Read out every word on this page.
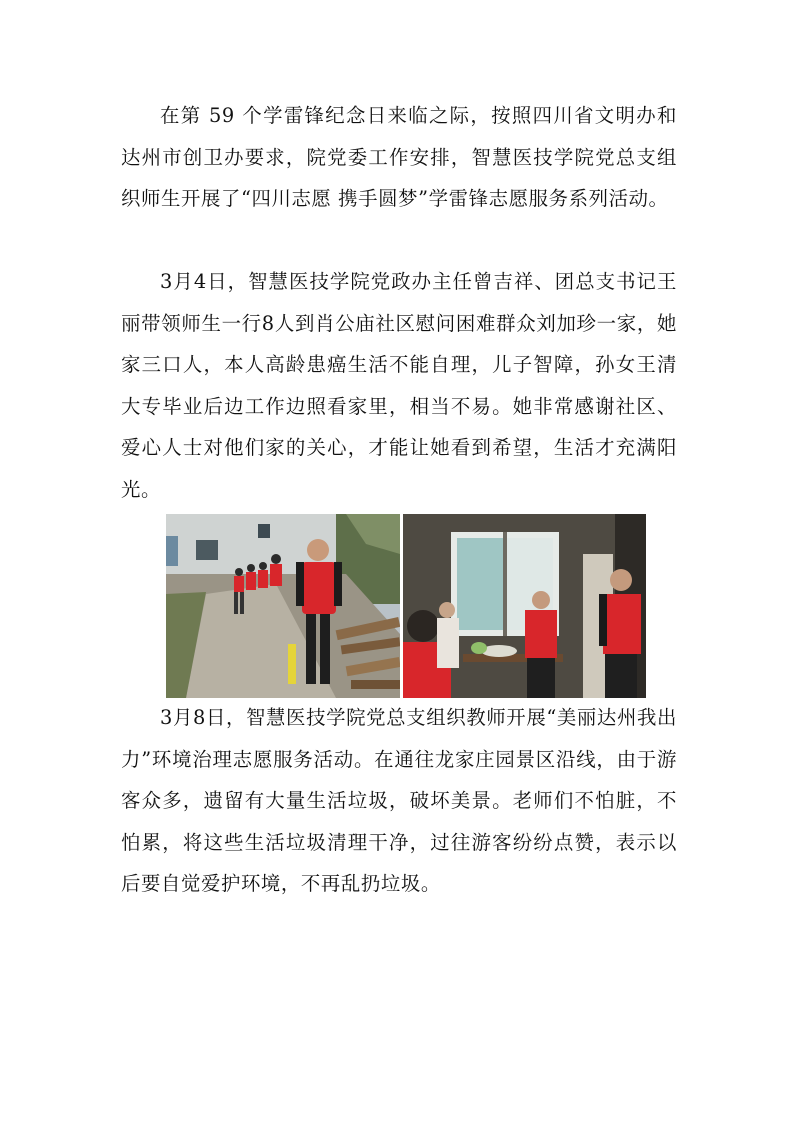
在第 59 个学雷锋纪念日来临之际，按照四川省文明办和达州市创卫办要求，院党委工作安排，智慧医技学院党总支组织师生开展了“四川志愿 携手圆梦”学雷锋志愿服务系列活动。

3月4日，智慧医技学院党政办主任曾吉祥、团总支书记王丽带领师生一行8人到肖公庙社区慰问困难群众刘加珍一家，她家三口人，本人高龄患癌生活不能自理，儿子智障，孙女王清大专毕业后边工作边照看家里，相当不易。她非常感谢社区、爱心人士对他们家的关心，才能让她看到希望，生活才充满阳光。

3月8日，智慧医技学院党总支组织教师开展“美丽达州我出力”环境治理志愿服务活动。在通往龙家庄园景区沿线，由于游客众多，遗留有大量生活垃圾，破坏美景。老师们不怕脏，不怕累，将这些生活垃圾清理干净，过往游客纷纷点赞，表示以后要自觉爱护环境，不再乱扔垃圾。
